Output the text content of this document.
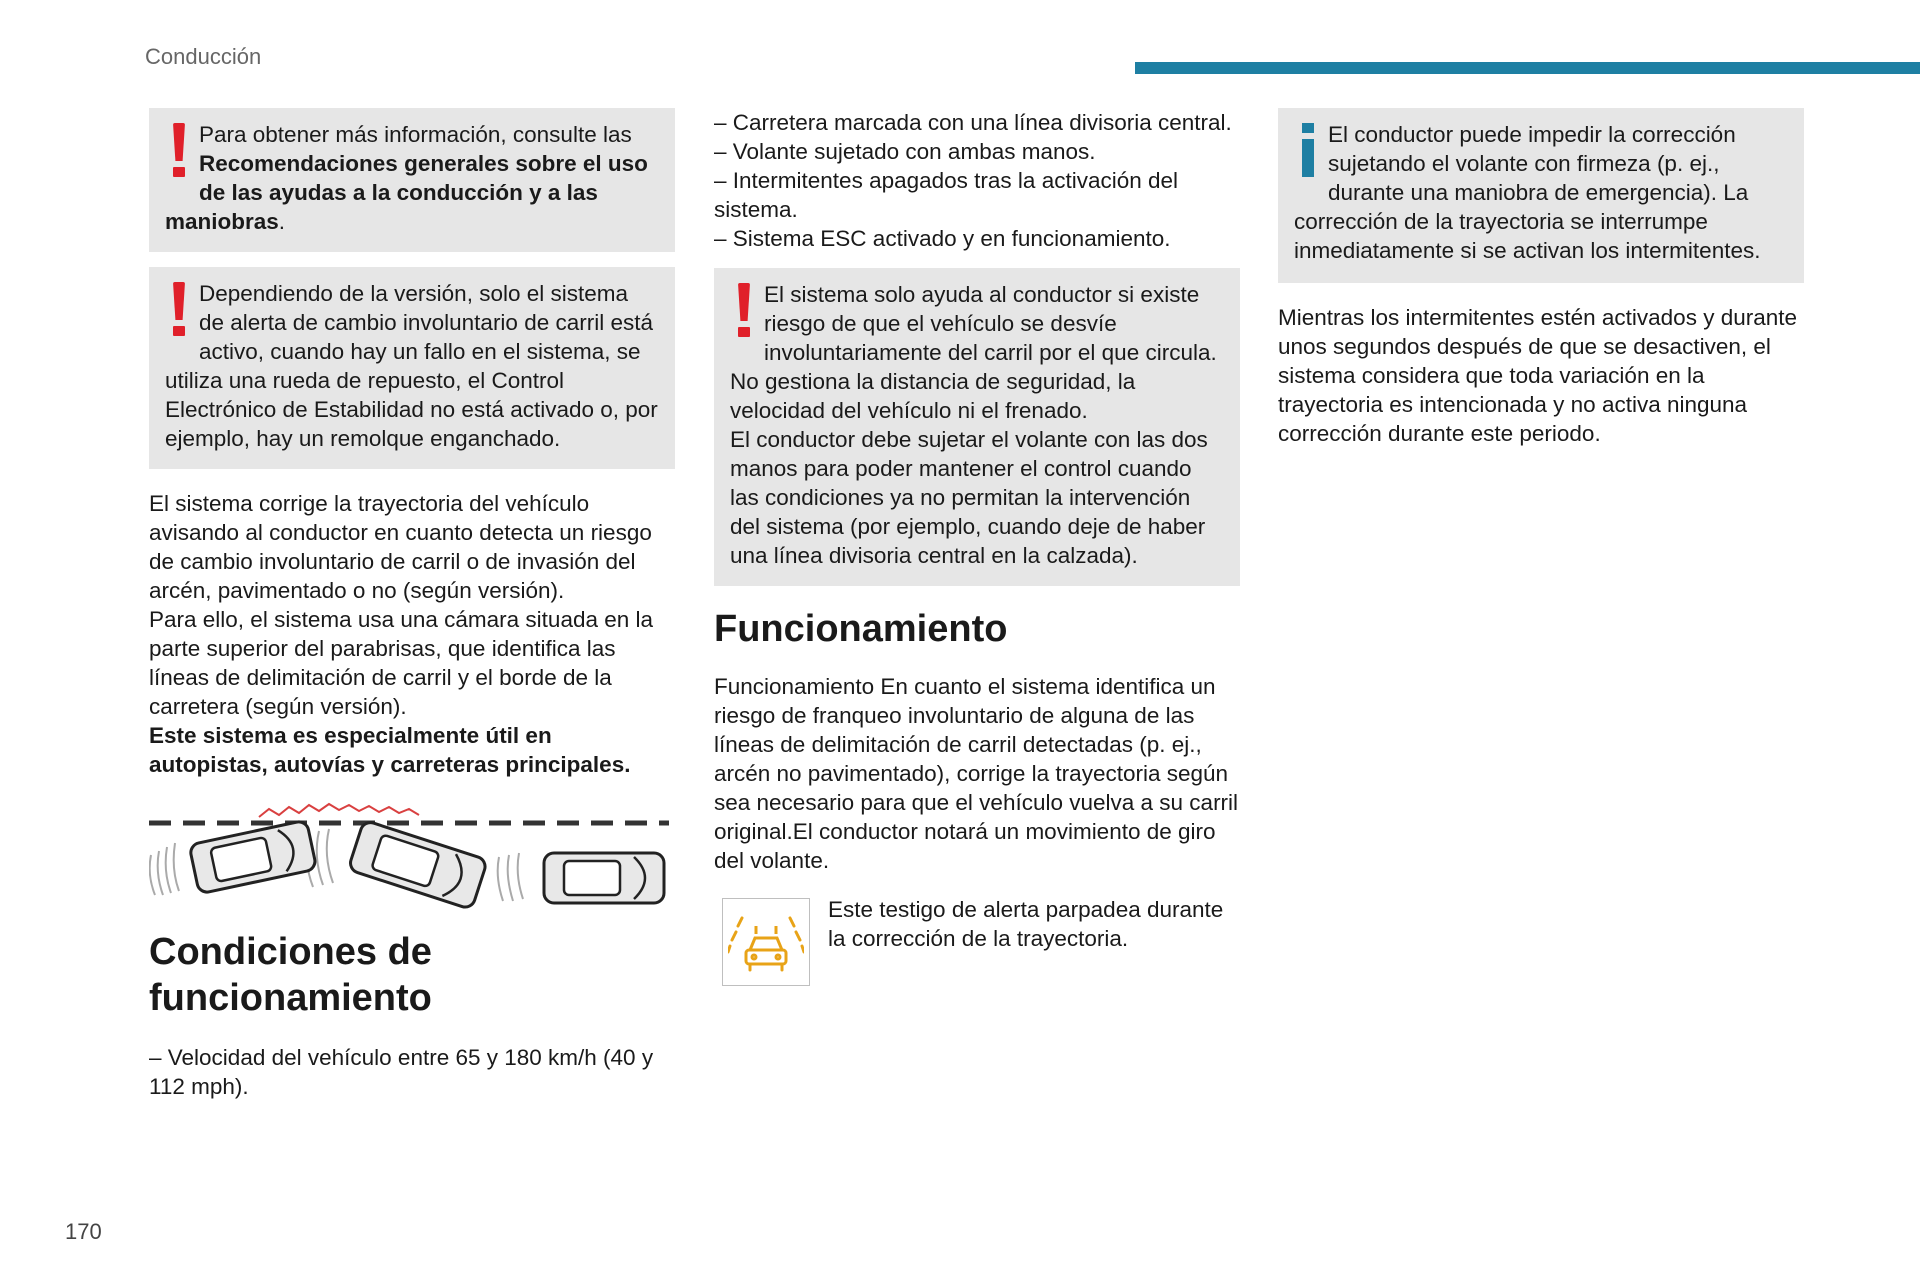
Conducción

Para obtener más información, consulte las Recomendaciones generales sobre el uso de las ayudas a la conducción y a las maniobras.

Dependiendo de la versión, solo el sistema de alerta de cambio involuntario de carril está activo, cuando hay un fallo en el sistema, se utiliza una rueda de repuesto, el Control Electrónico de Estabilidad no está activado o, por ejemplo, hay un remolque enganchado.

El sistema corrige la trayectoria del vehículo avisando al conductor en cuanto detecta un riesgo de cambio involuntario de carril o de invasión del arcén, pavimentado o no (según versión).

Para ello, el sistema usa una cámara situada en la parte superior del parabrisas, que identifica las líneas de delimitación de carril y el borde de la carretera (según versión).

Este sistema es especialmente útil en autopistas, autovías y carreteras principales.

Condiciones de funcionamiento

– Velocidad del vehículo entre 65 y 180 km/h (40 y 112 mph).

– Carretera marcada con una línea divisoria central.

– Volante sujetado con ambas manos.

– Intermitentes apagados tras la activación del sistema.

– Sistema ESC activado y en funcionamiento.

El sistema solo ayuda al conductor si existe riesgo de que el vehículo se desvíe involuntariamente del carril por el que circula. No gestiona la distancia de seguridad, la velocidad del vehículo ni el frenado.

El conductor debe sujetar el volante con las dos manos para poder mantener el control cuando las condiciones ya no permitan la intervención del sistema (por ejemplo, cuando deje de haber una línea divisoria central en la calzada).

Funcionamiento

Funcionamiento En cuanto el sistema identifica un riesgo de franqueo involuntario de alguna de las líneas de delimitación de carril detectadas (p. ej., arcén no pavimentado), corrige la trayectoria según sea necesario para que el vehículo vuelva a su carril original.El conductor notará un movimiento de giro del volante.

Este testigo de alerta parpadea durante la corrección de la trayectoria.

El conductor puede impedir la corrección sujetando el volante con firmeza (p. ej., durante una maniobra de emergencia). La corrección de la trayectoria se interrumpe inmediatamente si se activan los intermitentes.

Mientras los intermitentes estén activados y durante unos segundos después de que se desactiven, el sistema considera que toda variación en la trayectoria es intencionada y no activa ninguna corrección durante este periodo.

170
